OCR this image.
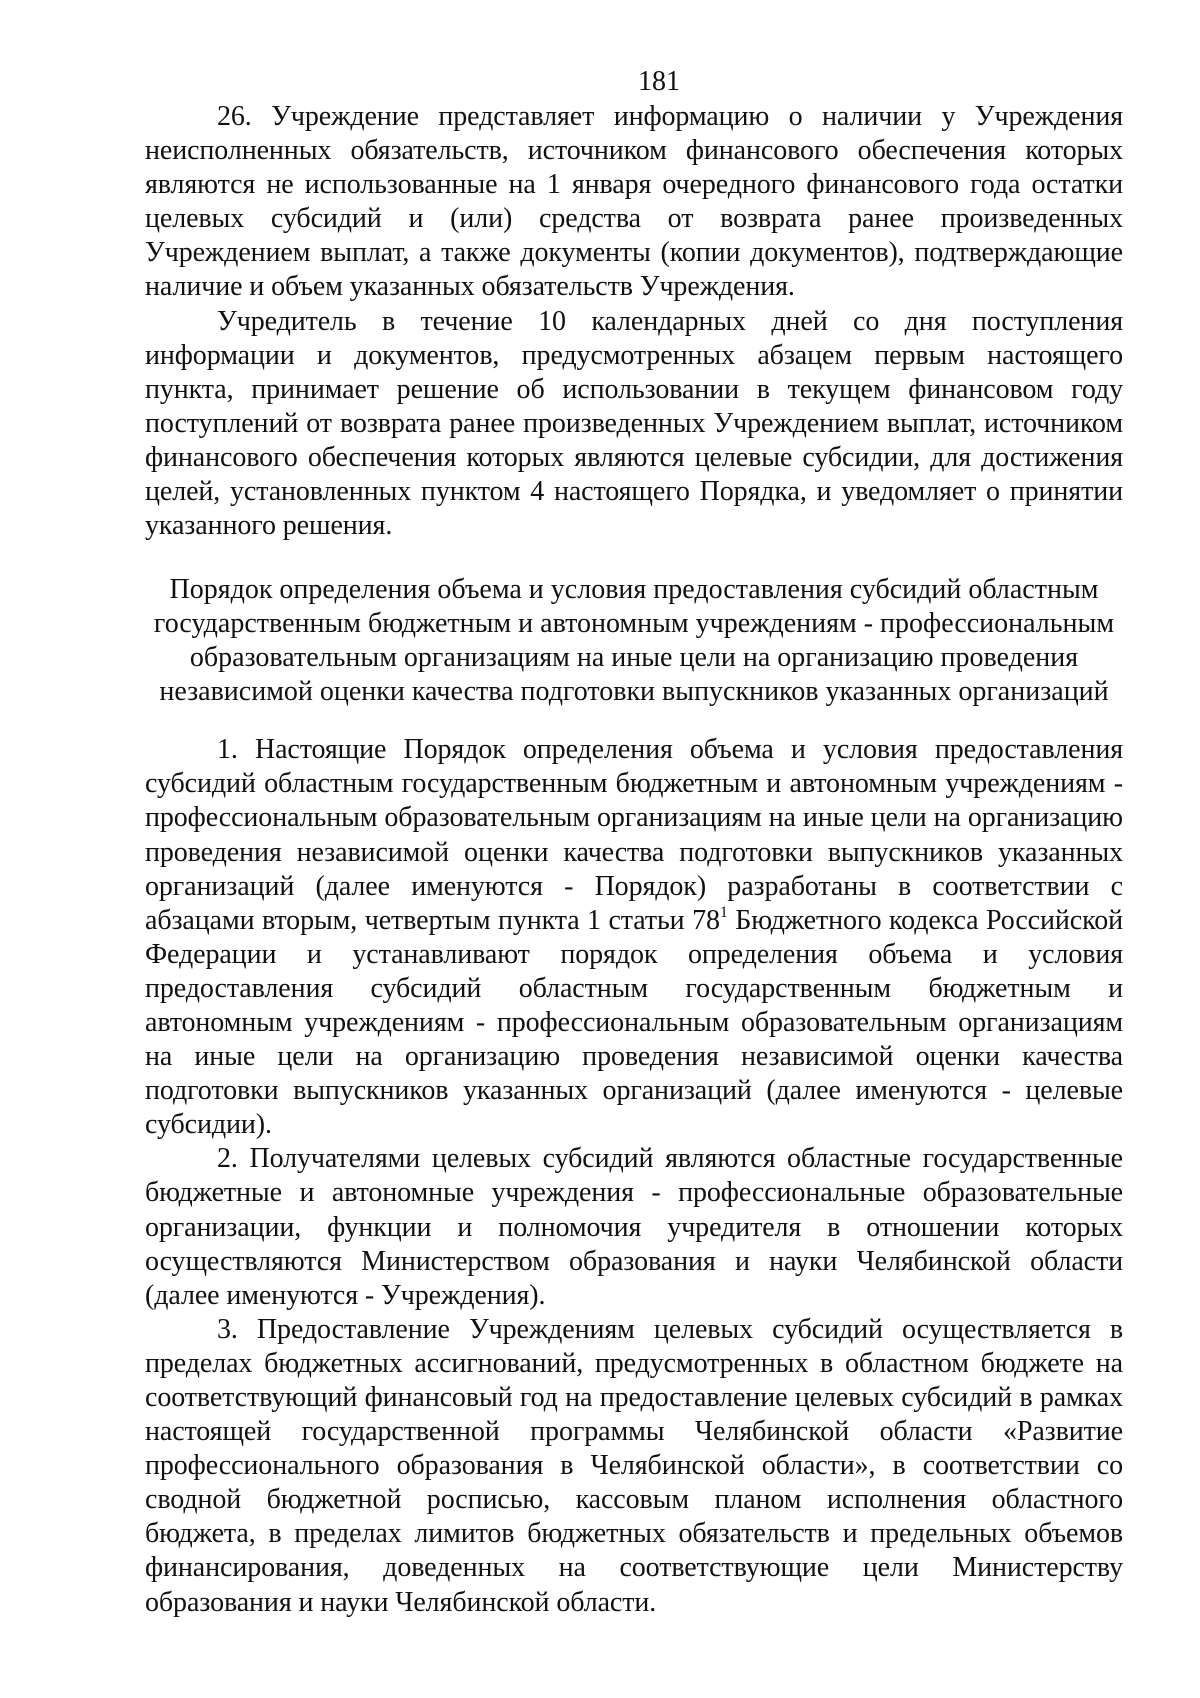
181

26. Учреждение представляет информацию о наличии у Учреждения неисполненных обязательств, источником финансового обеспечения которых являются не использованные на 1 января очередного финансового года остатки целевых субсидий и (или) средства от возврата ранее произведенных Учреждением выплат, а также документы (копии документов), подтверждающие наличие и объем указанных обязательств Учреждения.

Учредитель в течение 10 календарных дней со дня поступления информации и документов, предусмотренных абзацем первым настоящего пункта, принимает решение об использовании в текущем финансовом году поступлений от возврата ранее произведенных Учреждением выплат, источником финансового обеспечения которых являются целевые субсидии, для достижения целей, установленных пунктом 4 настоящего Порядка, и уведомляет о принятии указанного решения.

Порядок определения объема и условия предоставления субсидий областным
государственным бюджетным и автономным учреждениям - профессиональным
образовательным организациям на иные цели на организацию проведения
независимой оценки качества подготовки выпускников указанных организаций

1. Настоящие Порядок определения объема и условия предоставления субсидий областным государственным бюджетным и автономным учреждениям - профессиональным образовательным организациям на иные цели на организацию проведения независимой оценки качества подготовки выпускников указанных организаций (далее именуются - Порядок) разработаны в соответствии с абзацами вторым, четвертым пункта 1 статьи $78^1$ Бюджетного кодекса Российской Федерации и устанавливают порядок определения объема и условия предоставления субсидий областным государственным бюджетным и автономным учреждениям - профессиональным образовательным организациям на иные цели на организацию проведения независимой оценки качества подготовки выпускников указанных организаций (далее именуются - целевые субсидии).

2. Получателями целевых субсидий являются областные государственные бюджетные и автономные учреждения - профессиональные образовательные организации, функции и полномочия учредителя в отношении которых осуществляются Министерством образования и науки Челябинской области (далее именуются - Учреждения).

3. Предоставление Учреждениям целевых субсидий осуществляется в пределах бюджетных ассигнований, предусмотренных в областном бюджете на соответствующий финансовый год на предоставление целевых субсидий в рамках настоящей государственной программы Челябинской области «Развитие профессионального образования в Челябинской области», в соответствии со сводной бюджетной росписью, кассовым планом исполнения областного бюджета, в пределах лимитов бюджетных обязательств и предельных объемов финансирования, доведенных на соответствующие цели Министерству образования и науки Челябинской области.
